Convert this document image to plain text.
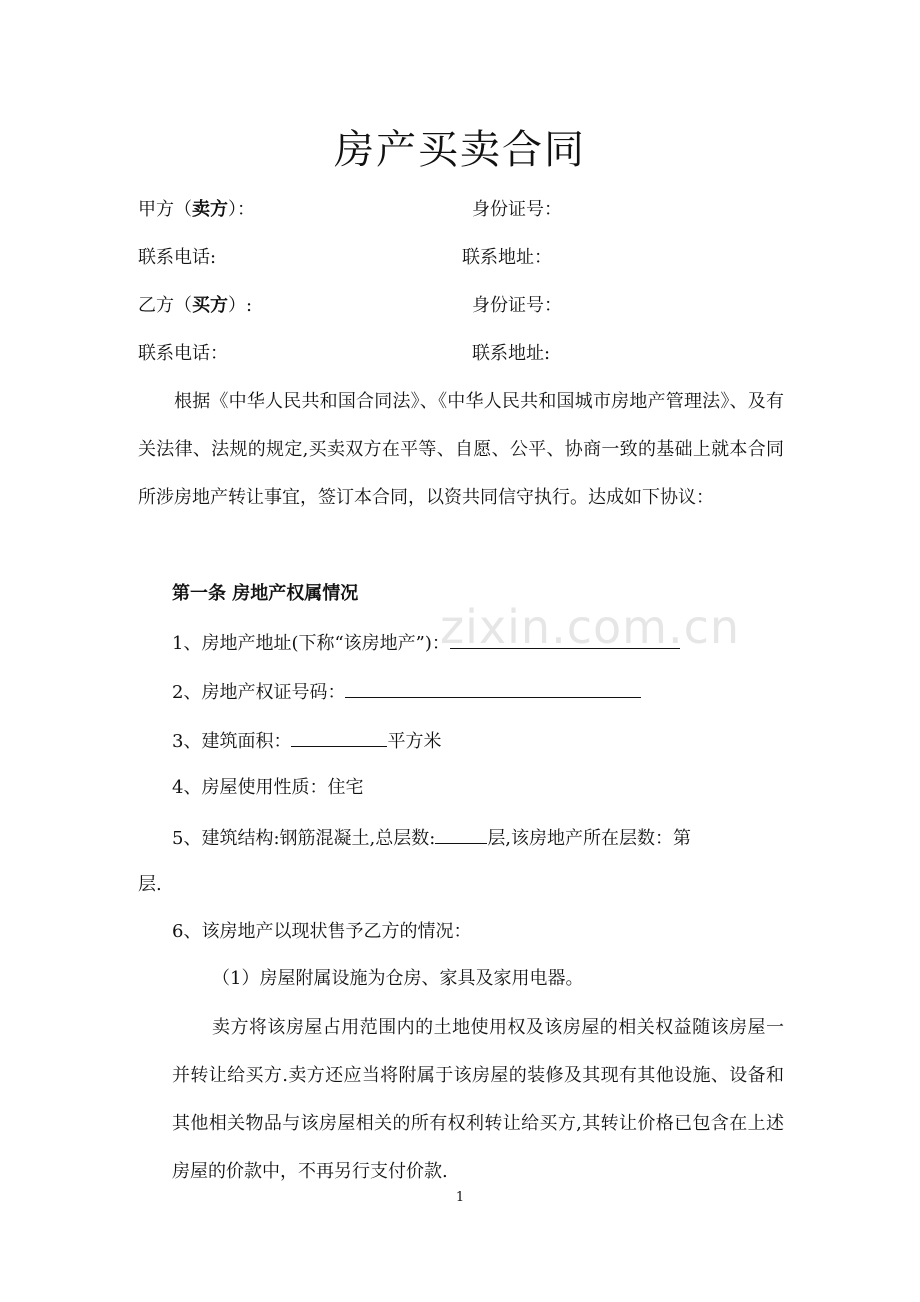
zixin.com.cn
房产买卖合同
甲方（卖方）：	身份证号：
联系电话:	联系地址：
乙方（买方）:	身份证号：
联系电话：	联系地址:
根据《中华人民共和国合同法》、《中华人民共和国城市房地产管理法》、及有关法律、法规的规定,买卖双方在平等、自愿、公平、协商一致的基础上就本合同所涉房地产转让事宜，签订本合同，以资共同信守执行。达成如下协议：
第一条 房地产权属情况
1、房地产地址(下称“该房地产”)：
2、房地产权证号码：
3、建筑面积：	平方米
4、房屋使用性质：住宅
5、建筑结构:钢筋混凝土,总层数:	层,该房地产所在层数：第
层.
6、该房地产以现状售予乙方的情况：
（1）房屋附属设施为仓房、家具及家用电器。
卖方将该房屋占用范围内的土地使用权及该房屋的相关权益随该房屋一并转让给买方.卖方还应当将附属于该房屋的装修及其现有其他设施、设备和其他相关物品与该房屋相关的所有权利转让给买方,其转让价格已包含在上述房屋的价款中，不再另行支付价款.
1
